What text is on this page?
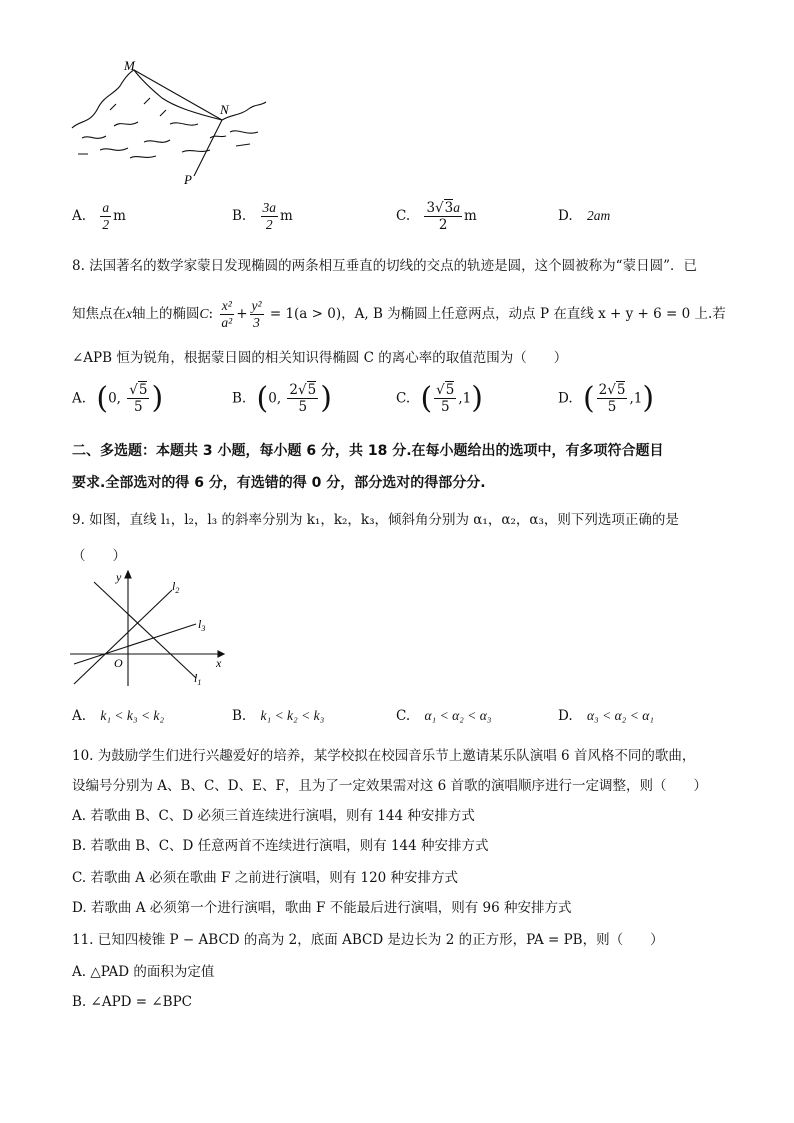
M
N
P
A. $\frac{a}{2}$ m	B. $\frac{3a}{2}$ m	C. $\frac{3√3a}{2}$ m	D. 2am
8. 法国著名的数学家蒙日发现椭圆的两条相互垂直的切线的交点的轨迹是圆，这个圆被称为“蒙日圆”．已
知焦点在x轴上的椭圆C: $\frac{\text{x²}}{\text{a²}} + \frac{\text{y²}}{3} = 1(a > 0)$，A, B 为椭圆上任意两点，动点 P 在直线 x + y + 6 = 0 上.若
∠APB 恒为锐角，根据蒙日圆的相关知识得椭圆 C 的离心率的取值范围为（　　）
A. (0, $\frac{√5}{5}$ )	B. (0, $\frac{2√5}{5}$ )	C. ( $\frac{√5}{5} ,1$)	D. ( $\frac{2√5}{5} ,1$)
二、多选题：本题共 3 小题，每小题 6 分，共 18 分.在每小题给出的选项中，有多项符合题目
要求.全部选对的得 6 分，有选错的得 0 分，部分选对的得部分分.
9. 如图，直线 l₁，l₂，l₃ 的斜率分别为 k₁，k₂，k₃，倾斜角分别为 α₁，α₂，α₃，则下列选项正确的是
（　　）
y
x
O
$l_2$
$l_3$
$l_1$
A. k₁ < k₃ < k₂	B. k₁ < k₂ < k₃	C. α₁ < α₂ < α₃	D. α₃ < α₂ < α₁
10. 为鼓励学生们进行兴趣爱好的培养，某学校拟在校园音乐节上邀请某乐队演唱 6 首风格不同的歌曲，
设编号分别为 A、B、C、D、E、F，且为了一定效果需对这 6 首歌的演唱顺序进行一定调整，则（　　）
A. 若歌曲 B、C、D 必须三首连续进行演唱，则有 144 种安排方式
B. 若歌曲 B、C、D 任意两首不连续进行演唱，则有 144 种安排方式
C. 若歌曲 A 必须在歌曲 F 之前进行演唱，则有 120 种安排方式
D. 若歌曲 A 必须第一个进行演唱，歌曲 F 不能最后进行演唱，则有 96 种安排方式
11. 已知四棱锥 P − ABCD 的高为 2，底面 ABCD 是边长为 2 的正方形，PA = PB，则（　　）
A. △PAD 的面积为定值
B. ∠APD = ∠BPC
